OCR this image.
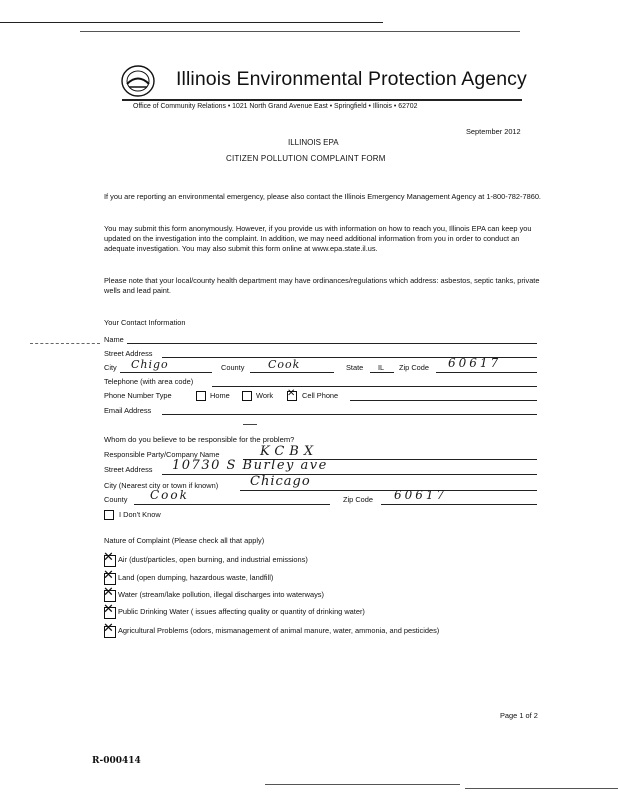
Illinois Environmental Protection Agency
Office of Community Relations • 1021 North Grand Avenue East • Springfield • Illinois • 62702
September 2012
ILLINOIS EPA
CITIZEN POLLUTION COMPLAINT FORM
If you are reporting an environmental emergency, please also contact the Illinois Emergency Management Agency at 1-800-782-7860.
You may submit this form anonymously. However, if you provide us with information on how to reach you, Illinois EPA can keep you updated on the investigation into the complaint. In addition, we may need additional information from you in order to conduct an adequate investigation. You may also submit this form online at www.epa.state.il.us.
Please note that your local/county health department may have ordinances/regulations which address: asbestos, septic tanks, private wells and lead paint.
Your Contact Information
Name
Street Address
City Chigo	County Cook	State IL Zip Code 60617
Telephone (with area code)
Phone Number Type	Home	Work ✕ Cell Phone
Email Address
Whom do you believe to be responsible for the problem?
Responsible Party/Company Name	KCBX
Street Address 10730 S Burley ave
City (Nearest city or town if known) Chicago
County Cook	Zip Code 60617
I Don't Know
Nature of Complaint (Please check all that apply)
✕ Air (dust/particles, open burning, and industrial emissions)
✕ Land (open dumping, hazardous waste, landfill)
✕ Water (stream/lake pollution, illegal discharges into waterways)
✕ Public Drinking Water ( issues affecting quality or quantity of drinking water)
✕ Agricultural Problems (odors, mismanagement of animal manure, water, ammonia, and pesticides)
Page 1 of 2
R-000414
